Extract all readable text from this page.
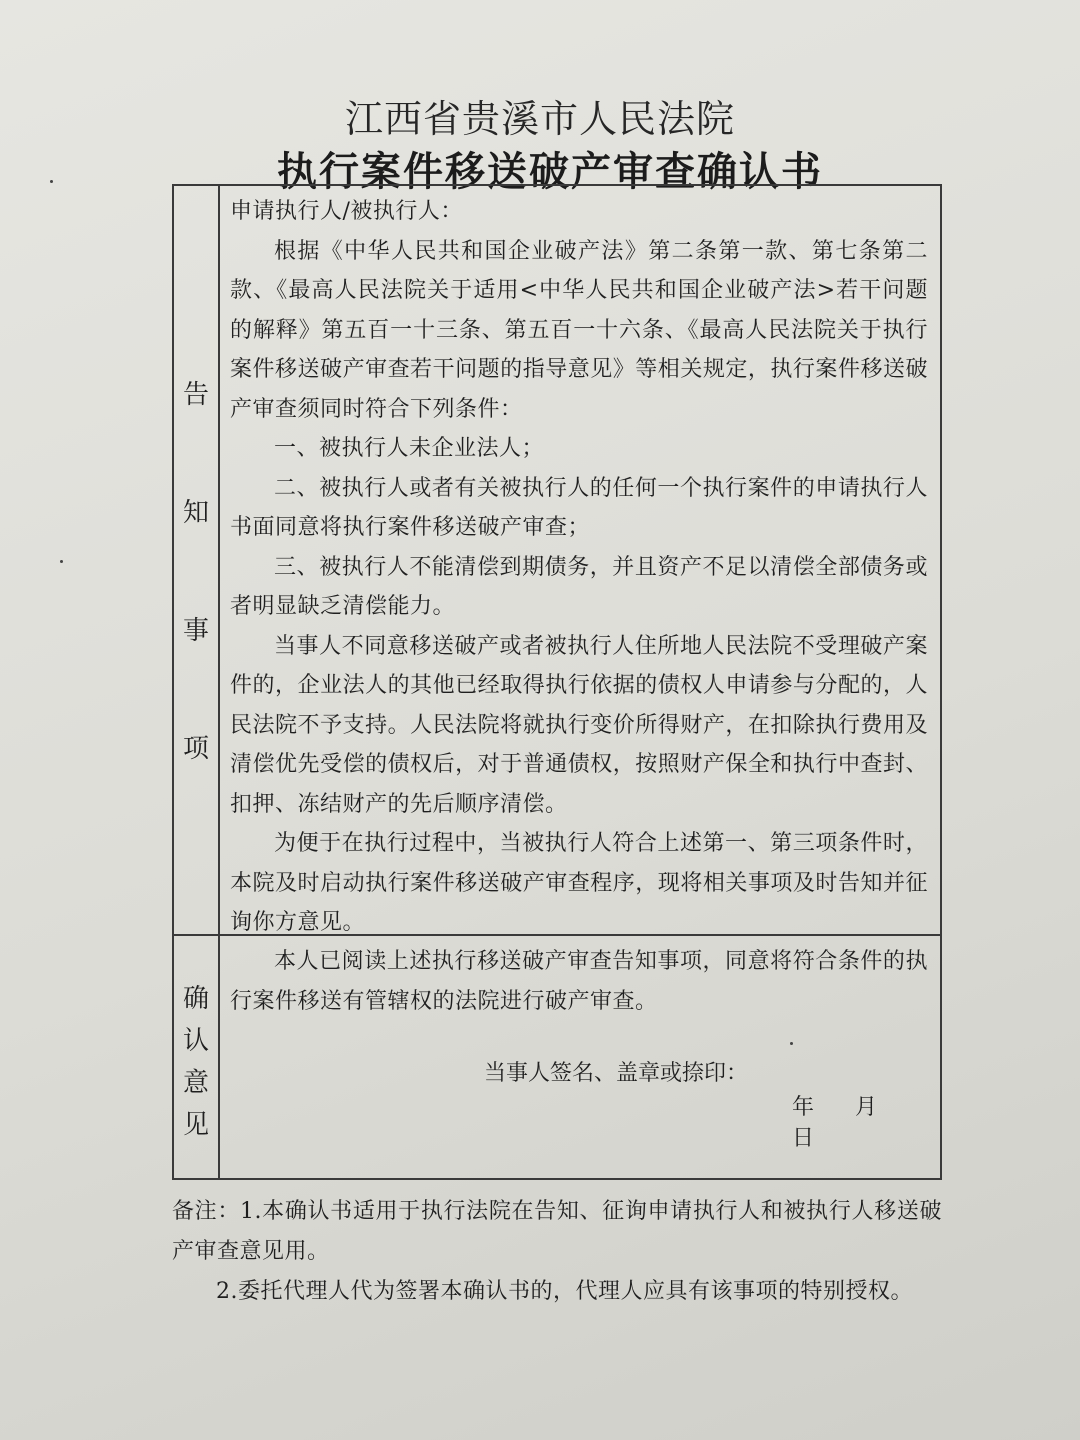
江西省贵溪市人民法院
执行案件移送破产审查确认书
告
知
事
项

申请执行人/被执行人：

根据《中华人民共和国企业破产法》第二条第一款、第七条第二款、《最高人民法院关于适用<中华人民共和国企业破产法>若干问题的解释》第五百一十三条、第五百一十六条、《最高人民法院关于执行案件移送破产审查若干问题的指导意见》等相关规定，执行案件移送破产审查须同时符合下列条件：

一、被执行人未企业法人；

二、被执行人或者有关被执行人的任何一个执行案件的申请执行人书面同意将执行案件移送破产审查；

三、被执行人不能清偿到期债务，并且资产不足以清偿全部债务或者明显缺乏清偿能力。

当事人不同意移送破产或者被执行人住所地人民法院不受理破产案件的，企业法人的其他已经取得执行依据的债权人申请参与分配的，人民法院不予支持。人民法院将就执行变价所得财产，在扣除执行费用及清偿优先受偿的债权后，对于普通债权，按照财产保全和执行中查封、扣押、冻结财产的先后顺序清偿。

为便于在执行过程中，当被执行人符合上述第一、第三项条件时，本院及时启动执行案件移送破产审查程序，现将相关事项及时告知并征询你方意见。

确
认
意
见

本人已阅读上述执行移送破产审查告知事项，同意将符合条件的执行案件移送有管辖权的法院进行破产审查。

当事人签名、盖章或捺印：
年 月 日

备注：1.本确认书适用于执行法院在告知、征询申请执行人和被执行人移送破产审查意见用。

2.委托代理人代为签署本确认书的，代理人应具有该事项的特别授权。
